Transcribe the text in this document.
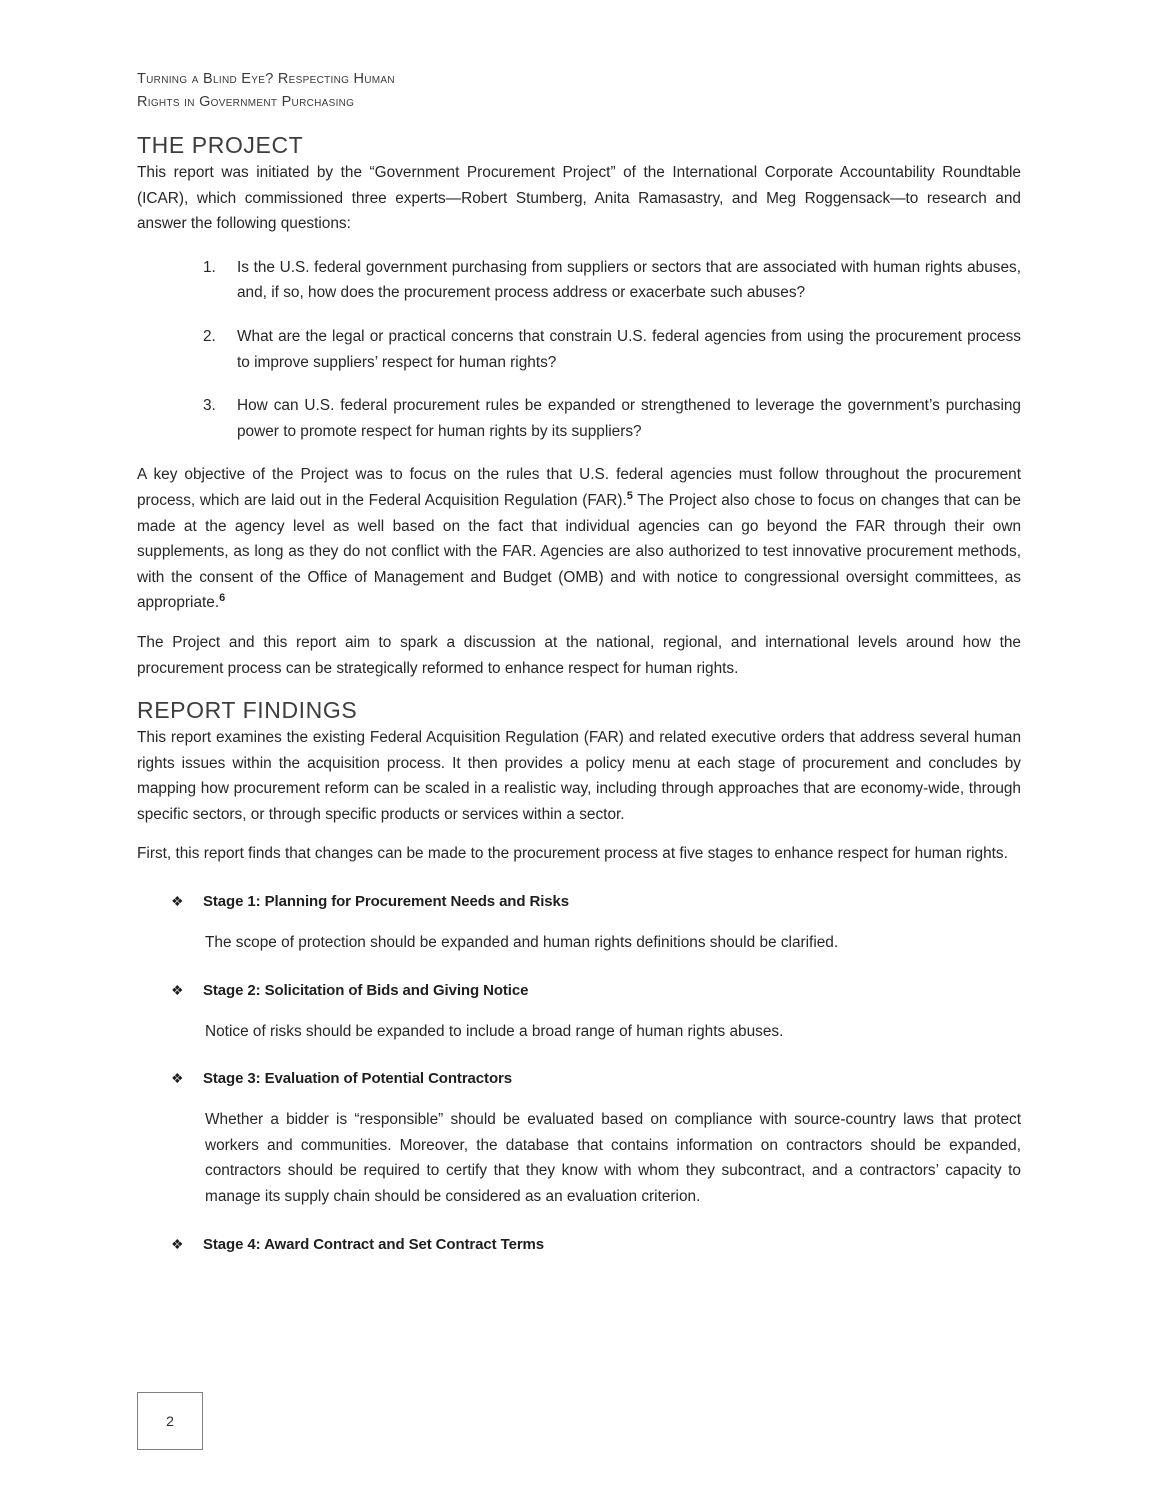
Turning a Blind Eye? Respecting Human
Rights in Government Purchasing
THE PROJECT

This report was initiated by the “Government Procurement Project” of the International Corporate Accountability Roundtable (ICAR), which commissioned three experts—Robert Stumberg, Anita Ramasastry, and Meg Roggensack—to research and answer the following questions:

1.	Is the U.S. federal government purchasing from suppliers or sectors that are associated with human rights abuses, and, if so, how does the procurement process address or exacerbate such abuses?
2.	What are the legal or practical concerns that constrain U.S. federal agencies from using the procurement process to improve suppliers’ respect for human rights?
3.	How can U.S. federal procurement rules be expanded or strengthened to leverage the government’s purchasing power to promote respect for human rights by its suppliers?

A key objective of the Project was to focus on the rules that U.S. federal agencies must follow throughout the procurement process, which are laid out in the Federal Acquisition Regulation (FAR).$^5$ The Project also chose to focus on changes that can be made at the agency level as well based on the fact that individual agencies can go beyond the FAR through their own supplements, as long as they do not conflict with the FAR. Agencies are also authorized to test innovative procurement methods, with the consent of the Office of Management and Budget (OMB) and with notice to congressional oversight committees, as appropriate.$^6$

The Project and this report aim to spark a discussion at the national, regional, and international levels around how the procurement process can be strategically reformed to enhance respect for human rights.

REPORT FINDINGS

This report examines the existing Federal Acquisition Regulation (FAR) and related executive orders that address several human rights issues within the acquisition process. It then provides a policy menu at each stage of procurement and concludes by mapping how procurement reform can be scaled in a realistic way, including through approaches that are economy-wide, through specific sectors, or through specific products or services within a sector.

First, this report finds that changes can be made to the procurement process at five stages to enhance respect for human rights.

❖ Stage 1: Planning for Procurement Needs and Risks
The scope of protection should be expanded and human rights definitions should be clarified.
❖ Stage 2: Solicitation of Bids and Giving Notice
Notice of risks should be expanded to include a broad range of human rights abuses.
❖ Stage 3: Evaluation of Potential Contractors
Whether a bidder is “responsible” should be evaluated based on compliance with source-country laws that protect workers and communities. Moreover, the database that contains information on contractors should be expanded, contractors should be required to certify that they know with whom they subcontract, and a contractors’ capacity to manage its supply chain should be considered as an evaluation criterion.
❖ Stage 4: Award Contract and Set Contract Terms
2
